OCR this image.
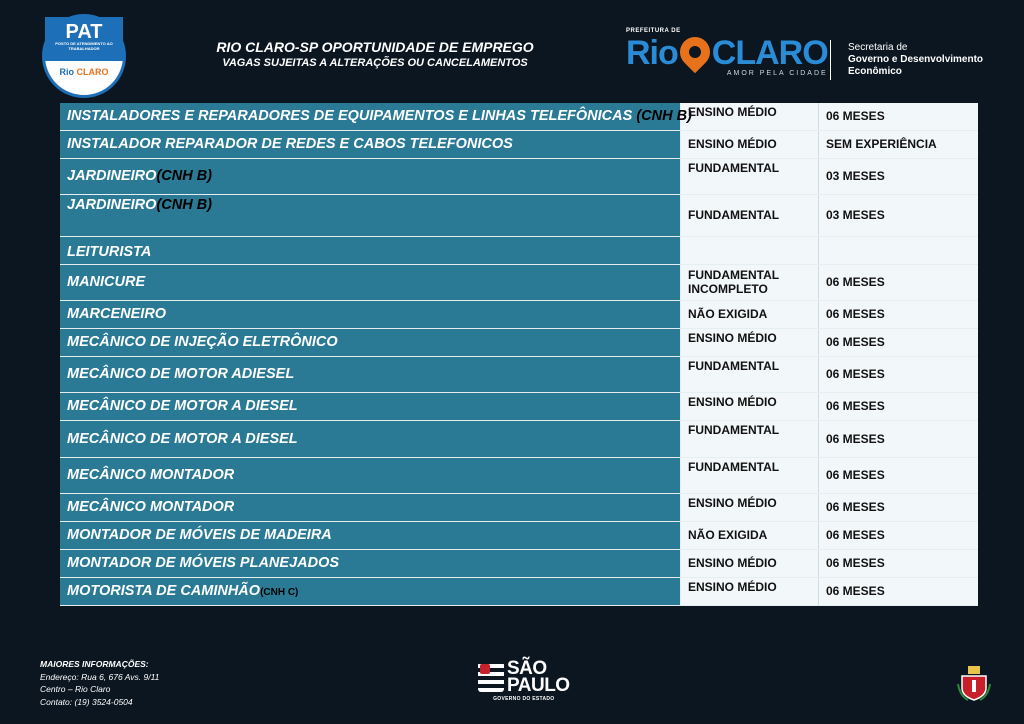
PAT
POSTO DE ATENDIMENTO AO TRABALHADOR
Rio CLARO
RIO CLARO-SP OPORTUNIDADE DE EMPREGO
VAGAS SUJEITAS A ALTERAÇÕES OU CANCELAMENTOS
PREFEITURA DE
Rio CLARO
AMOR PELA CIDADE
Secretaria de
Governo e Desenvolvimento
Econômico
INSTALADORES E REPARADORES DE EQUIPAMENTOS E LINHAS TELEFÔNICAS (CNH B)	ENSINO MÉDIO	06 MESES
INSTALADOR REPARADOR DE REDES E CABOS TELEFONICOS	ENSINO MÉDIO	SEM EXPERIÊNCIA
JARDINEIRO(CNH B)	FUNDAMENTAL	03 MESES
JARDINEIRO(CNH B)	FUNDAMENTAL	03 MESES
LEITURISTA		
MANICURE	FUNDAMENTAL INCOMPLETO	06 MESES
MARCENEIRO	NÃO EXIGIDA	06 MESES
MECÂNICO DE INJEÇÃO ELETRÔNICO	ENSINO MÉDIO	06 MESES
MECÂNICO DE MOTOR ADIESEL	FUNDAMENTAL	06 MESES
MECÂNICO DE MOTOR A DIESEL	ENSINO MÉDIO	06 MESES
MECÂNICO DE MOTOR A DIESEL	FUNDAMENTAL	06 MESES
MECÂNICO MONTADOR	FUNDAMENTAL	06 MESES
MECÂNICO MONTADOR	ENSINO MÉDIO	06 MESES
MONTADOR DE MÓVEIS DE MADEIRA	NÃO EXIGIDA	06 MESES
MONTADOR DE MÓVEIS PLANEJADOS	ENSINO MÉDIO	06 MESES
MOTORISTA DE CAMINHÃO(CNH C)	ENSINO MÉDIO	06 MESES
MAIORES INFORMAÇÕES:
Endereço: Rua 6, 676 Avs. 9/11
Centro – Rio Claro
Contato: (19) 3524-0504
SÃO
PAULO
GOVERNO DO ESTADO
